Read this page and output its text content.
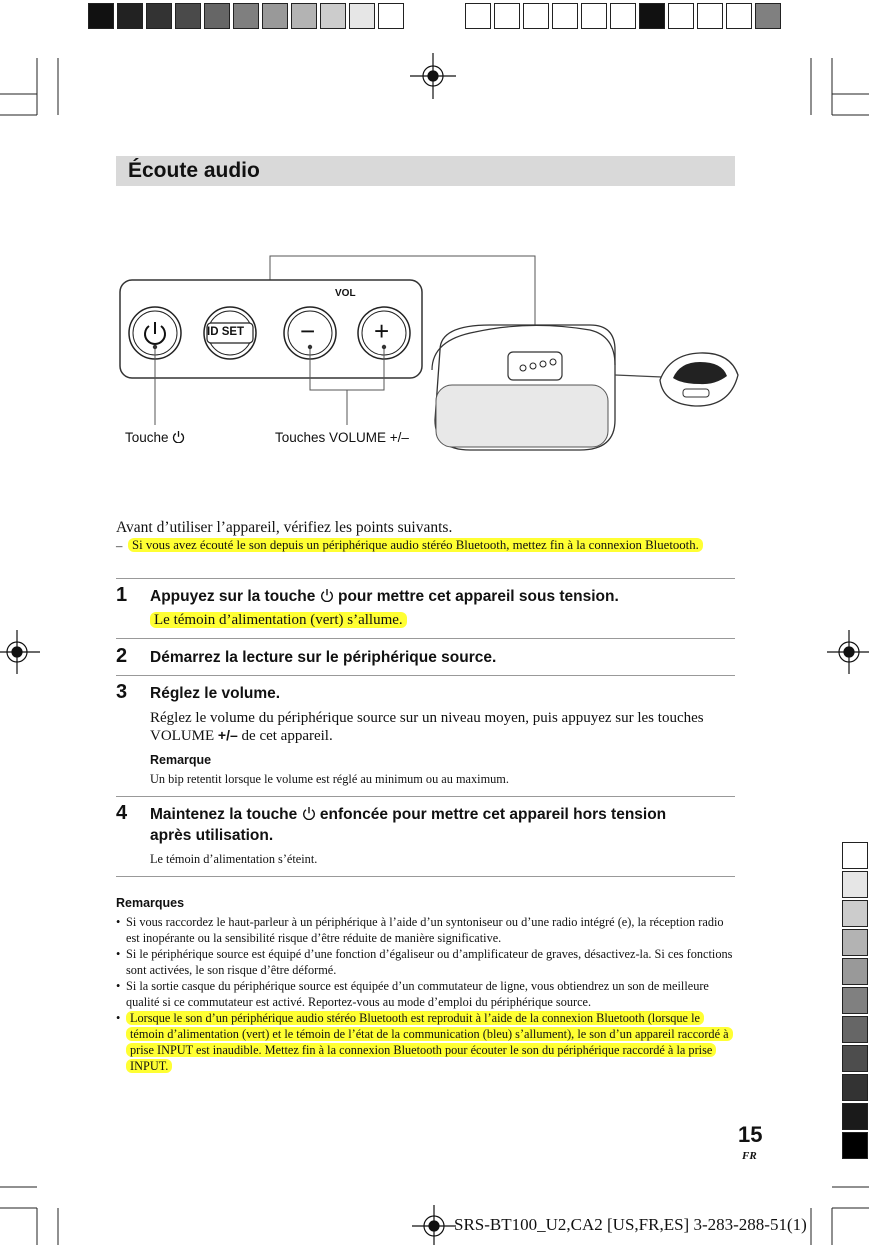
Écoute audio
VOL
ID SET − +
Touche	Touches VOLUME +/–
Avant d’utiliser l’appareil, vérifiez les points suivants.
– Si vous avez écouté le son depuis un périphérique audio stéréo Bluetooth, mettez fin à la connexion Bluetooth.
1 Appuyez sur la touche pour mettre cet appareil sous tension.
Le témoin d’alimentation (vert) s’allume.
2 Démarrez la lecture sur le périphérique source.
3 Réglez le volume.
Réglez le volume du périphérique source sur un niveau moyen, puis appuyez sur les touches VOLUME +/– de cet appareil.
Remarque
Un bip retentit lorsque le volume est réglé au minimum ou au maximum.
4 Maintenez la touche enfoncée pour mettre cet appareil hors tension
après utilisation.
Le témoin d’alimentation s’éteint.
Remarques
• Si vous raccordez le haut-parleur à un périphérique à l’aide d’un syntoniseur ou d’une radio intégré (e), la réception radio est inopérante ou la sensibilité risque d’être réduite de manière significative.
• Si le périphérique source est équipé d’une fonction d’égaliseur ou d’amplificateur de graves, désactivez-la. Si ces fonctions sont activées, le son risque d’être déformé.
• Si la sortie casque du périphérique source est équipée d’un commutateur de ligne, vous obtiendrez un son de meilleure qualité si ce commutateur est activé. Reportez-vous au mode d’emploi du périphérique source.
• Lorsque le son d’un périphérique audio stéréo Bluetooth est reproduit à l’aide de la connexion Bluetooth (lorsque le témoin d’alimentation (vert) et le témoin de l’état de la communication (bleu) s’allument), le son d’un appareil raccordé à prise INPUT est inaudible. Mettez fin à la connexion Bluetooth pour écouter le son du périphérique raccordé à la prise INPUT.
15
FR
SRS-BT100_U2,CA2 [US,FR,ES] 3-283-288-51(1)
